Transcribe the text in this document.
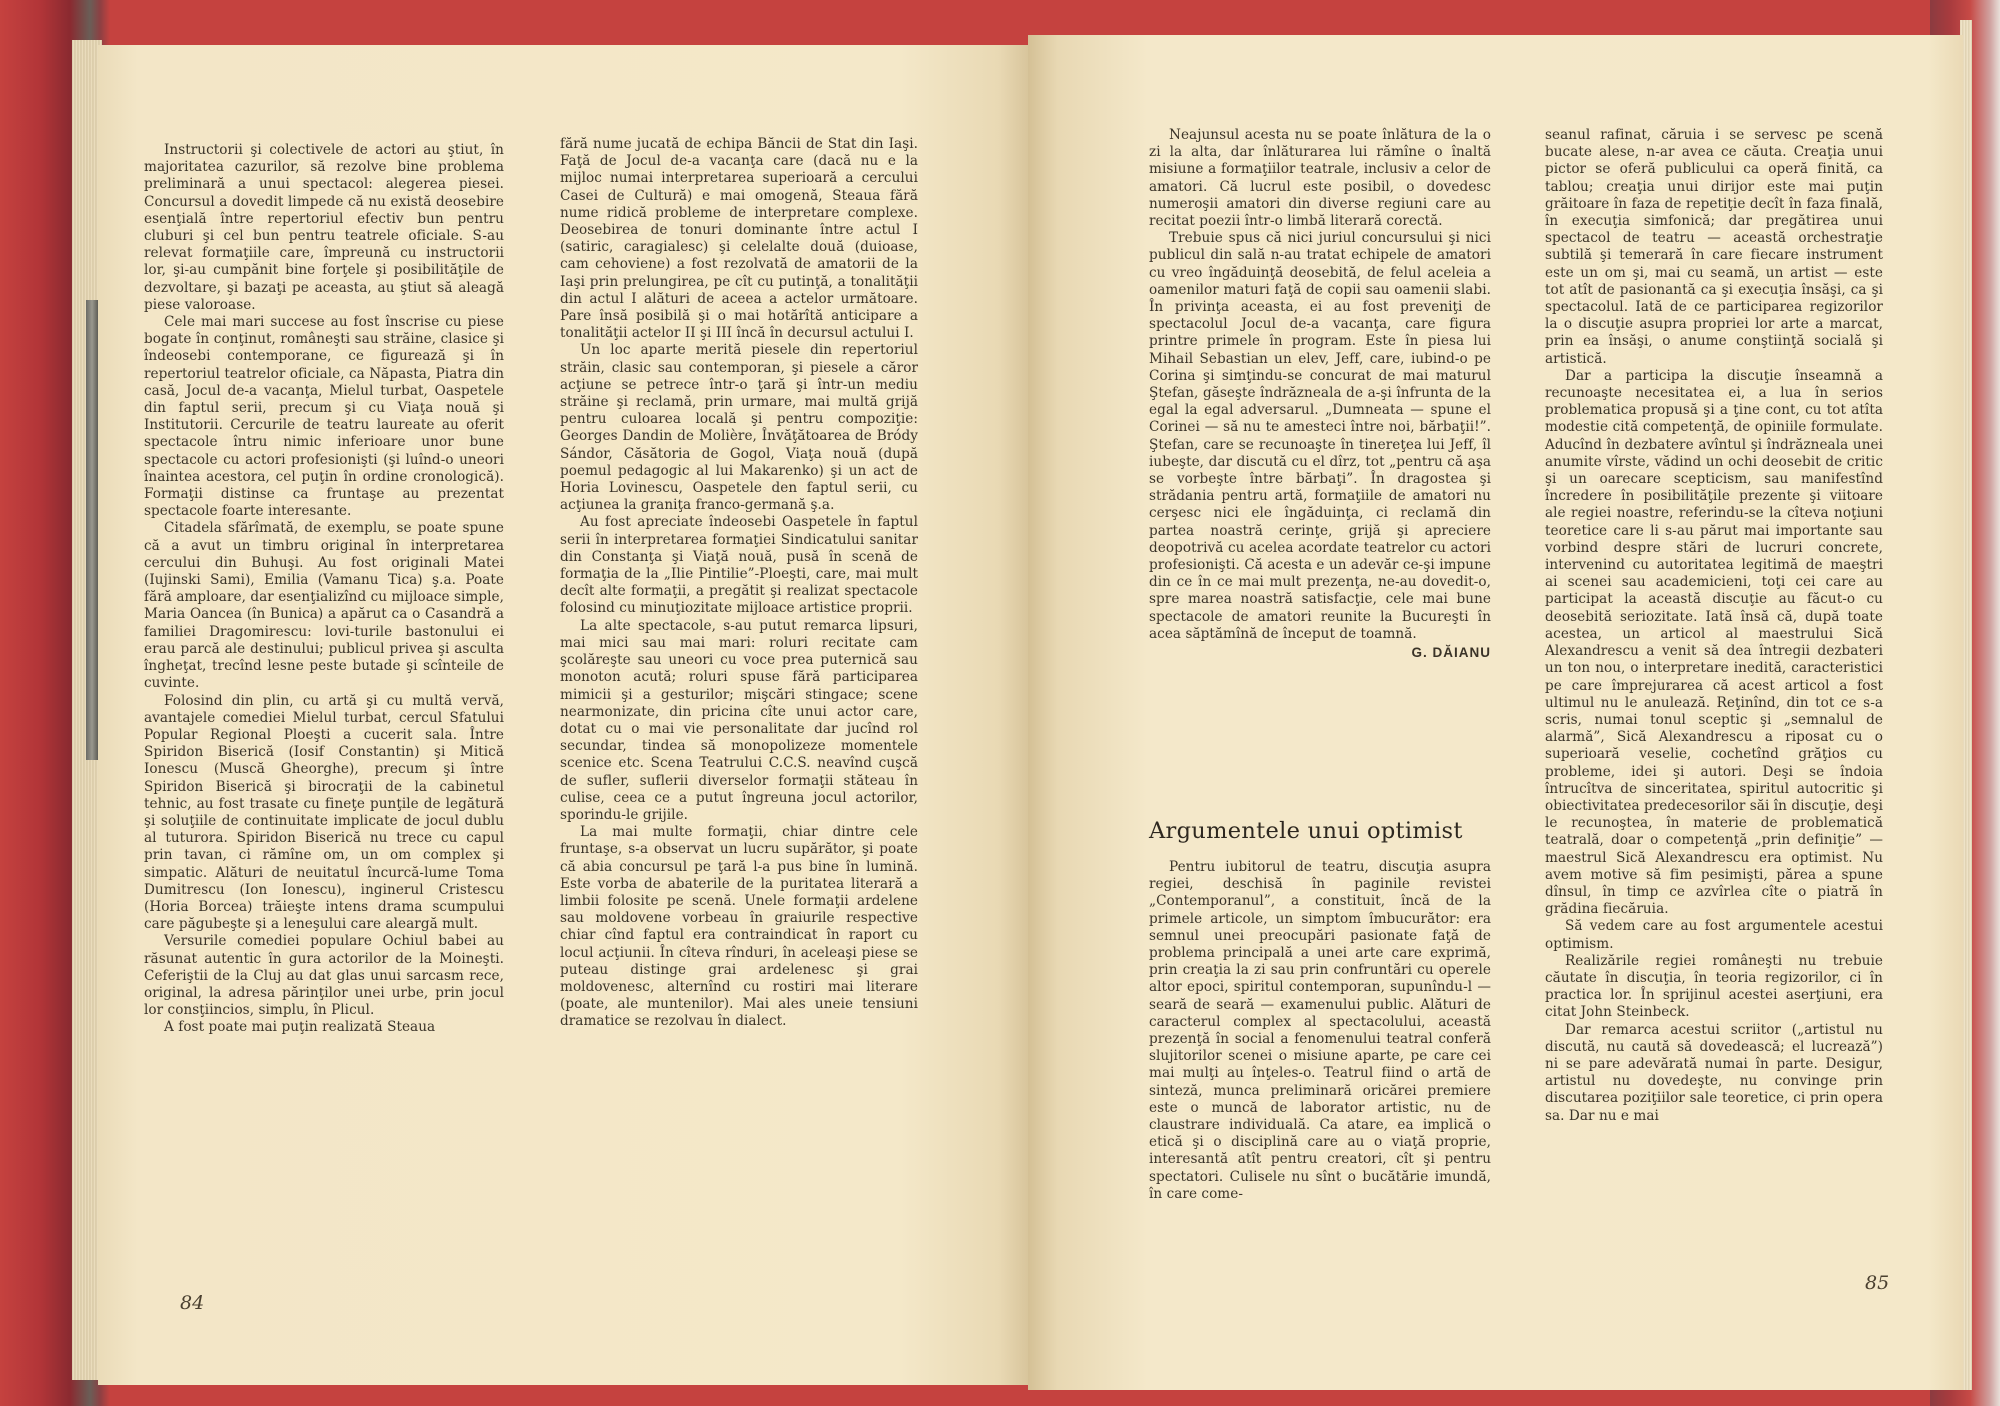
Instructorii şi colectivele de actori au ştiut, în majoritatea cazurilor, să rezolve bine problema preliminară a unui spectacol: alegerea piesei. Concursul a dovedit limpede că nu există deosebire esenţială între repertoriul efectiv bun pentru cluburi şi cel bun pentru teatrele oficiale. S-au relevat formaţiile care, împreună cu instructorii lor, şi-au cumpănit bine forţele şi posibilităţile de dezvoltare, şi bazaţi pe aceasta, au ştiut să aleagă piese valoroase.

Cele mai mari succese au fost înscrise cu piese bogate în conţinut, româneşti sau străine, clasice şi îndeosebi contemporane, ce figurează şi în repertoriul teatrelor oficiale, ca Năpasta, Piatra din casă, Jocul de-a vacanţa, Mielul turbat, Oaspetele din faptul serii, precum şi cu Viaţa nouă şi Institutorii. Cercurile de teatru laureate au oferit spectacole întru nimic inferioare unor bune spectacole cu actori profesionişti (şi luînd-o uneori înaintea acestora, cel puţin în ordine cronologică). Formaţii distinse ca fruntaşe au prezentat spectacole foarte interesante.

Citadela sfărîmată, de exemplu, se poate spune că a avut un timbru original în interpretarea cercului din Buhuşi. Au fost originali Matei (Iujinski Sami), Emilia (Vamanu Tica) ş.a. Poate fără amploare, dar esenţializînd cu mijloace simple, Maria Oancea (în Bunica) a apărut ca o Casandră a familiei Dragomirescu: lovi-turile bastonului ei erau parcă ale destinului; publicul privea şi asculta îngheţat, trecînd lesne peste butade şi scînteile de cuvinte.

Folosind din plin, cu artă şi cu multă vervă, avantajele comediei Mielul turbat, cercul Sfatului Popular Regional Ploeşti a cucerit sala. Între Spiridon Biserică (Iosif Constantin) şi Mitică Ionescu (Muscă Gheorghe), precum şi între Spiridon Biserică şi birocraţii de la cabinetul tehnic, au fost trasate cu fineţe punţile de legătură şi soluţiile de continuitate implicate de jocul dublu al tuturora. Spiridon Biserică nu trece cu capul prin tavan, ci rămîne om, un om complex şi simpatic. Alături de neuitatul încurcă-lume Toma Dumitrescu (Ion Ionescu), inginerul Cristescu (Horia Borcea) trăieşte intens drama scumpului care păgubeşte şi a leneşului care aleargă mult.

Versurile comediei populare Ochiul babei au răsunat autentic în gura actorilor de la Moineşti. Ceferiştii de la Cluj au dat glas unui sarcasm rece, original, la adresa părinţilor unei urbe, prin jocul lor consţiincios, simplu, în Plicul.

A fost poate mai puţin realizată Steaua

fără nume jucată de echipa Băncii de Stat din Iaşi. Faţă de Jocul de-a vacanţa care (dacă nu e la mijloc numai interpretarea superioară a cercului Casei de Cultură) e mai omogenă, Steaua fără nume ridică probleme de interpretare complexe. Deosebirea de tonuri dominante între actul I (satiric, caragialesc) şi celelalte două (duioase, cam cehoviene) a fost rezolvată de amatorii de la Iaşi prin prelungirea, pe cît cu putinţă, a tonalităţii din actul I alături de aceea a actelor următoare. Pare însă posibilă şi o mai hotărîtă anticipare a tonalităţii actelor II şi III încă în decursul actului I.

Un loc aparte merită piesele din repertoriul străin, clasic sau contemporan, şi piesele a căror acţiune se petrece într-o ţară şi într-un mediu străine şi reclamă, prin urmare, mai multă grijă pentru culoarea locală şi pentru compoziţie: Georges Dandin de Molière, Învăţătoarea de Bródy Sándor, Căsătoria de Gogol, Viaţa nouă (după poemul pedagogic al lui Makarenko) şi un act de Horia Lovinescu, Oaspetele den faptul serii, cu acţiunea la graniţa franco-germană ş.a.

Au fost apreciate îndeosebi Oaspetele în faptul serii în interpretarea formaţiei Sindicatului sanitar din Constanţa şi Viaţă nouă, pusă în scenă de formaţia de la „Ilie Pintilie”-Ploeşti, care, mai mult decît alte formaţii, a pregătit şi realizat spectacole folosind cu minuţiozitate mijloace artistice proprii.

La alte spectacole, s-au putut remarca lipsuri, mai mici sau mai mari: roluri recitate cam şcolăreşte sau uneori cu voce prea puternică sau monoton acută; roluri spuse fără participarea mimicii şi a gesturilor; mişcări stingace; scene nearmonizate, din pricina cîte unui actor care, dotat cu o mai vie personalitate dar jucînd rol secundar, tindea să monopolizeze momentele scenice etc. Scena Teatrului C.C.S. neavînd cuşcă de sufler, suflerii diverselor formaţii stăteau în culise, ceea ce a putut îngreuna jocul actorilor, sporindu-le grijile.

La mai multe formaţii, chiar dintre cele fruntaşe, s-a observat un lucru supărător, şi poate că abia concursul pe ţară l-a pus bine în lumină. Este vorba de abaterile de la puritatea literară a limbii folosite pe scenă. Unele formaţii ardelene sau moldovene vorbeau în graiurile respective chiar cînd faptul era contraindicat în raport cu locul acţiunii. În cîteva rînduri, în aceleaşi piese se puteau distinge grai ardelenesc şi grai moldovenesc, alternînd cu rostiri mai literare (poate, ale muntenilor). Mai ales uneie tensiuni dramatice se rezolvau în dialect.

84

Neajunsul acesta nu se poate înlătura de la o zi la alta, dar înlăturarea lui rămîne o înaltă misiune a formaţiilor teatrale, inclusiv a celor de amatori. Că lucrul este posibil, o dovedesc numeroşii amatori din diverse regiuni care au recitat poezii într-o limbă literară corectă.

Trebuie spus că nici juriul concursului şi nici publicul din sală n-au tratat echipele de amatori cu vreo îngăduinţă deosebită, de felul aceleia a oamenilor maturi faţă de copii sau oamenii slabi. În privinţa aceasta, ei au fost preveniţi de spectacolul Jocul de-a vacanţa, care figura printre primele în program. Este în piesa lui Mihail Sebastian un elev, Jeff, care, iubind-o pe Corina şi simţindu-se concurat de mai maturul Ştefan, găseşte îndrăzneala de a-şi înfrunta de la egal la egal adversarul. „Dumneata — spune el Corinei — să nu te amesteci între noi, bărbaţii!”. Ştefan, care se recunoaşte în tinereţea lui Jeff, îl iubeşte, dar discută cu el dîrz, tot „pentru că aşa se vorbeşte între bărbaţi”. În dragostea şi strădania pentru artă, formaţiile de amatori nu cerşesc nici ele îngăduinţa, ci reclamă din partea noastră cerinţe, grijă şi apreciere deopotrivă cu acelea acordate teatrelor cu actori profesionişti. Că acesta e un adevăr ce-şi impune din ce în ce mai mult prezenţa, ne-au dovedit-o, spre marea noastră satisfacţie, cele mai bune spectacole de amatori reunite la Bucureşti în acea săptămînă de început de toamnă.

G. DĂIANU
Argumentele unui optimist

Pentru iubitorul de teatru, discuţia asupra regiei, deschisă în paginile revistei „Contemporanul”, a constituit, încă de la primele articole, un simptom îmbucurător: era semnul unei preocupări pasionate faţă de problema principală a unei arte care exprimă, prin creaţia la zi sau prin confruntări cu operele altor epoci, spiritul contemporan, supunîndu-l — seară de seară — examenului public. Alături de caracterul complex al spectacolului, această prezenţă în social a fenomenului teatral conferă slujitorilor scenei o misiune aparte, pe care cei mai mulţi au înţeles-o. Teatrul fiind o artă de sinteză, munca preliminară oricărei premiere este o muncă de laborator artistic, nu de claustrare individuală. Ca atare, ea implică o etică şi o disciplină care au o viaţă proprie, interesantă atît pentru creatori, cît şi pentru spectatori. Culisele nu sînt o bucătărie imundă, în care come-

seanul rafinat, căruia i se servesc pe scenă bucate alese, n-ar avea ce căuta. Creaţia unui pictor se oferă publicului ca operă finită, ca tablou; creaţia unui dirijor este mai puţin grăitoare în faza de repetiţie decît în faza finală, în execuţia simfonică; dar pregătirea unui spectacol de teatru — această orchestraţie subtilă şi temerară în care fiecare instrument este un om şi, mai cu seamă, un artist — este tot atît de pasionantă ca şi execuţia însăşi, ca şi spectacolul. Iată de ce participarea regizorilor la o discuţie asupra propriei lor arte a marcat, prin ea însăşi, o anume conştiinţă socială şi artistică.

Dar a participa la discuţie înseamnă a recunoaşte necesitatea ei, a lua în serios problematica propusă şi a ţine cont, cu tot atîta modestie cită competenţă, de opiniile formulate. Aducînd în dezbatere avîntul şi îndrăzneala unei anumite vîrste, vădind un ochi deosebit de critic şi un oarecare scepticism, sau manifestînd încredere în posibilităţile prezente şi viitoare ale regiei noastre, referindu-se la cîteva noţiuni teoretice care li s-au părut mai importante sau vorbind despre stări de lucruri concrete, intervenind cu autoritatea legitimă de maeştri ai scenei sau academicieni, toţi cei care au participat la această discuţie au făcut-o cu deosebită seriozitate. Iată însă că, după toate acestea, un articol al maestrului Sică Alexandrescu a venit să dea întregii dezbateri un ton nou, o interpretare inedită, caracteristici pe care împrejurarea că acest articol a fost ultimul nu le anulează. Reţinînd, din tot ce s-a scris, numai tonul sceptic şi „semnalul de alarmă”, Sică Alexandrescu a riposat cu o superioară veselie, cochetînd grăţios cu probleme, idei şi autori. Deşi se îndoia întrucîtva de sinceritatea, spiritul autocritic şi obiectivitatea predecesorilor săi în discuţie, deşi le recunoştea, în materie de problematică teatrală, doar o competenţă „prin definiţie” — maestrul Sică Alexandrescu era optimist. Nu avem motive să fim pesimişti, părea a spune dînsul, în timp ce azvîrlea cîte o piatră în grădina fiecăruia.

Să vedem care au fost argumentele acestui optimism.

Realizările regiei româneşti nu trebuie căutate în discuţia, în teoria regizorilor, ci în practica lor. În sprijinul acestei aserţiuni, era citat John Steinbeck.

Dar remarca acestui scriitor („artistul nu discută, nu caută să dovedească; el lucrează”) ni se pare adevărată numai în parte. Desigur, artistul nu dovedeşte, nu convinge prin discutarea poziţiilor sale teoretice, ci prin opera sa. Dar nu e mai

85
